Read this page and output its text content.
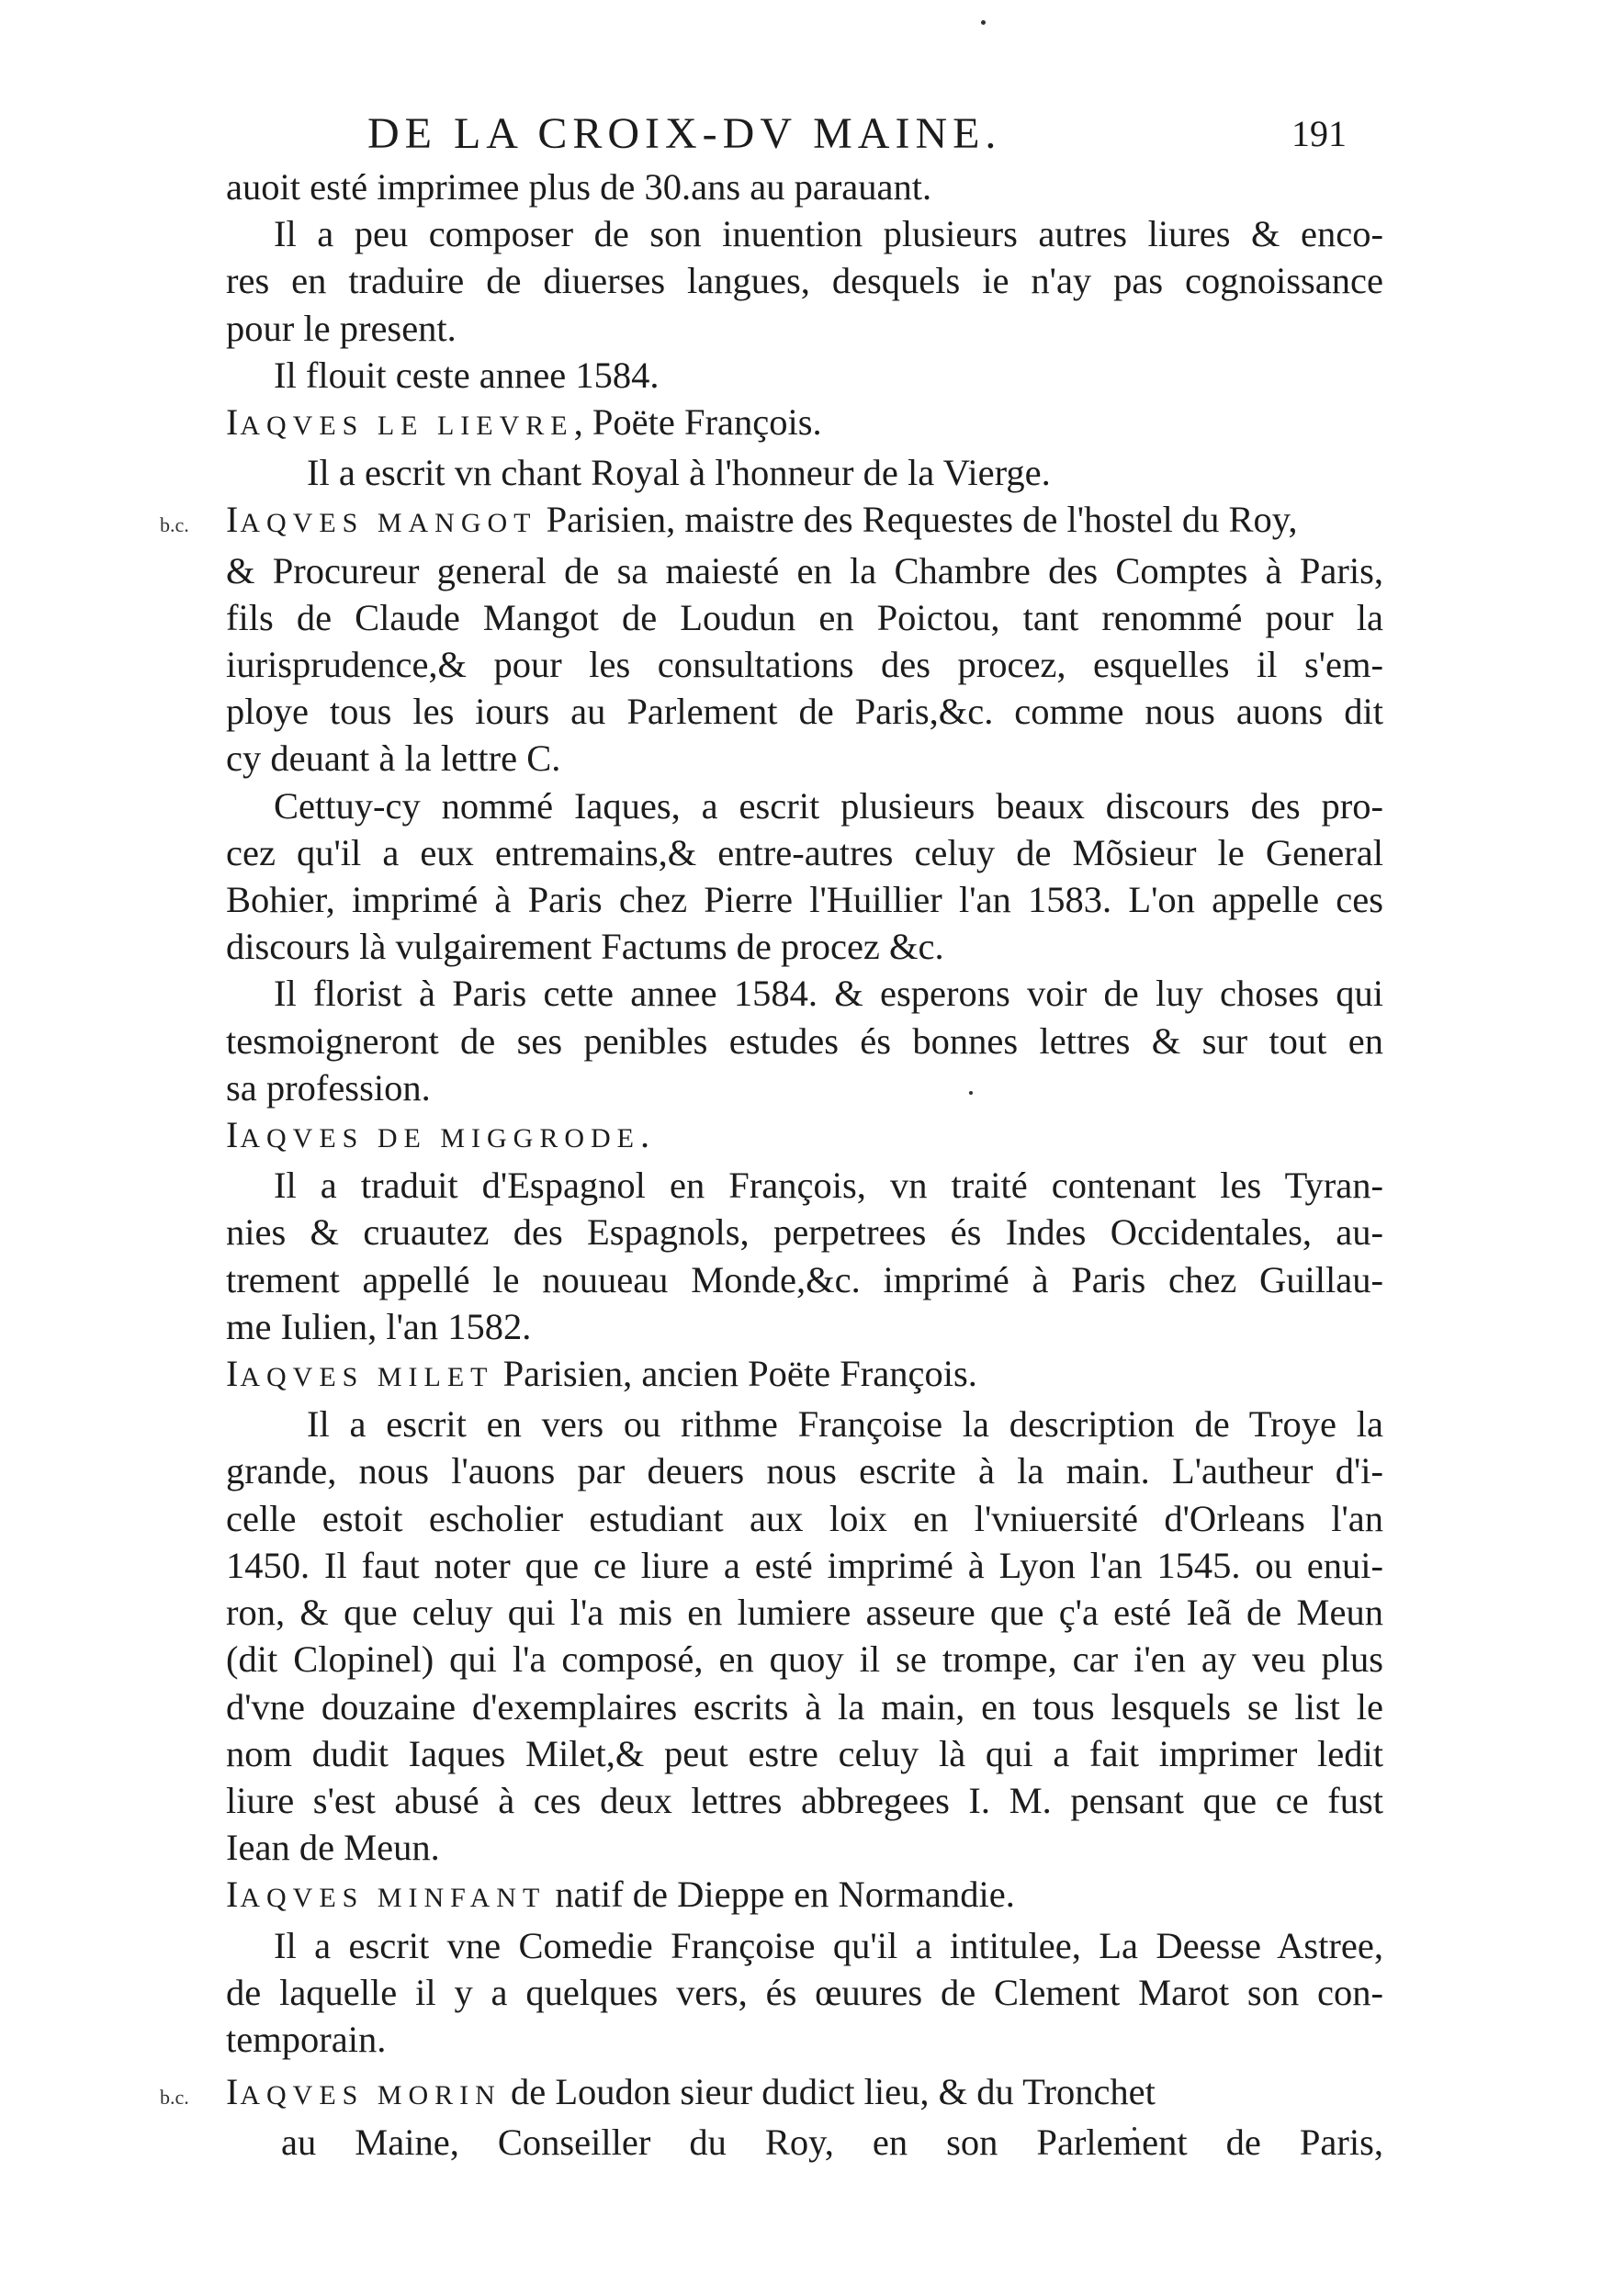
DE LA CROIX-DV MAINE.	191
auoit esté imprimee plus de 30.ans au parauant.
Il a peu composer de son inuention plusieurs autres liures & enco-
res en traduire de diuerses langues, desquels ie n'ay pas cognoissance
pour le present.
Il flouit ceste annee 1584.
IAQVES LE LIEVRE, Poëte François.
Il a escrit vn chant Royal à l'honneur de la Vierge.
b.c. IAQVES MANGOT Parisien, maistre des Requestes de l'hostel du Roy,
& Procureur general de sa maiesté en la Chambre des Comptes à Paris,
fils de Claude Mangot de Loudun en Poictou, tant renommé pour la
iurisprudence,& pour les consultations des procez, esquelles il s'em-
ploye tous les iours au Parlement de Paris,&c. comme nous auons dit
cy deuant à la lettre C.
Cettuy-cy nommé Iaques, a escrit plusieurs beaux discours des pro-
cez qu'il a eux entremains,& entre-autres celuy de Mõsieur le General
Bohier, imprimé à Paris chez Pierre l'Huillier l'an 1583. L'on appelle ces
discours là vulgairement Factums de procez &c.
Il florist à Paris cette annee 1584. & esperons voir de luy choses qui
tesmoigneront de ses penibles estudes és bonnes lettres & sur tout en
sa profession.
IAQVES DE MIGGRODE.
Il a traduit d'Espagnol en François, vn traité contenant les Tyran-
nies & cruautez des Espagnols, perpetrees és Indes Occidentales, au-
trement appellé le nouueau Monde,&c. imprimé à Paris chez Guillau-
me Iulien, l'an 1582.
IAQVES MILET Parisien, ancien Poëte François.
Il a escrit en vers ou rithme Françoise la description de Troye la
grande, nous l'auons par deuers nous escrite à la main. L'autheur d'i-
celle estoit escholier estudiant aux loix en l'vniuersité d'Orleans l'an
1450. Il faut noter que ce liure a esté imprimé à Lyon l'an 1545. ou enui-
ron, & que celuy qui l'a mis en lumiere asseure que ç'a esté Ieã de Meun
(dit Clopinel) qui l'a composé, en quoy il se trompe, car i'en ay veu plus
d'vne douzaine d'exemplaires escrits à la main, en tous lesquels se list le
nom dudit Iaques Milet,& peut estre celuy là qui a fait imprimer ledit
liure s'est abusé à ces deux lettres abbregees I. M. pensant que ce fust
Iean de Meun.
IAQVES MINFANT natif de Dieppe en Normandie.
Il a escrit vne Comedie Françoise qu'il a intitulee, La Deesse Astree,
de laquelle il y a quelques vers, és œuures de Clement Marot son con-
temporain.
b.c. IAQVES MORIN de Loudon sieur dudict lieu, & du Tronchet
au Maine, Conseiller du Roy, en son Parlement de Paris,
